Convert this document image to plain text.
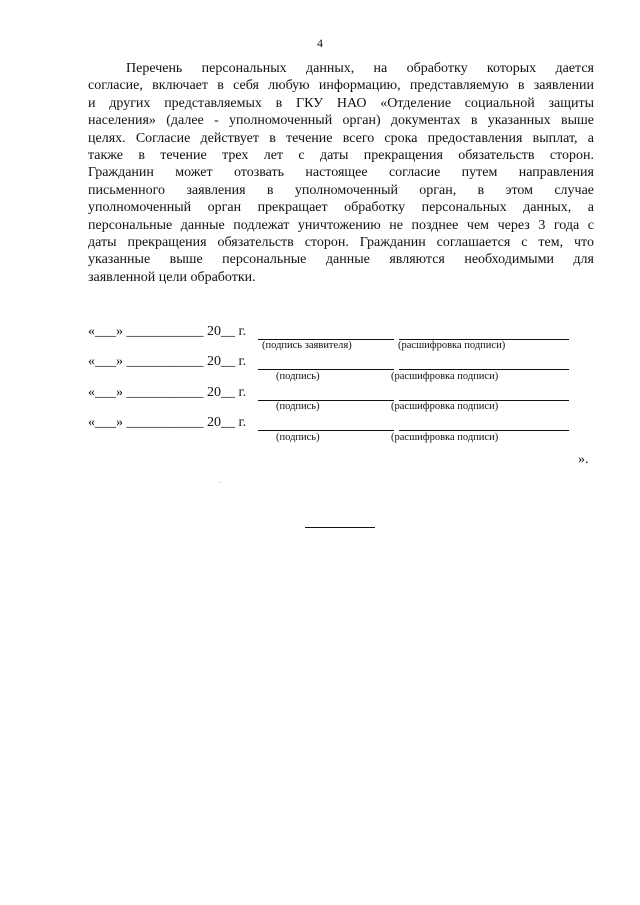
4
Перечень персональных данных, на обработку которых дается
согласие, включает в себя любую информацию, представляемую в заявлении
и других представляемых в ГКУ НАО «Отделение социальной защиты
населения» (далее - уполномоченный орган) документах в указанных выше
целях. Согласие действует в течение всего срока предоставления выплат, а
также в течение трех лет с даты прекращения обязательств сторон.
Гражданин может отозвать настоящее согласие путем направления
письменного заявления в уполномоченный орган, в этом случае
уполномоченный орган прекращает обработку персональных данных, а
персональные данные подлежат уничтожению не позднее чем через 3 года с
даты прекращения обязательств сторон. Гражданин соглашается с тем, что
указанные выше персональные данные являются необходимыми для
заявленной цели обработки.
«___» ___________ 20__ г.
(подпись заявителя)	(расшифровка подписи)
«___» ___________ 20__ г.
(подпись)	(расшифровка подписи)
«___» ___________ 20__ г.
(подпись)	(расшифровка подписи)
«___» ___________ 20__ г.
(подпись)	(расшифровка подписи)
».
